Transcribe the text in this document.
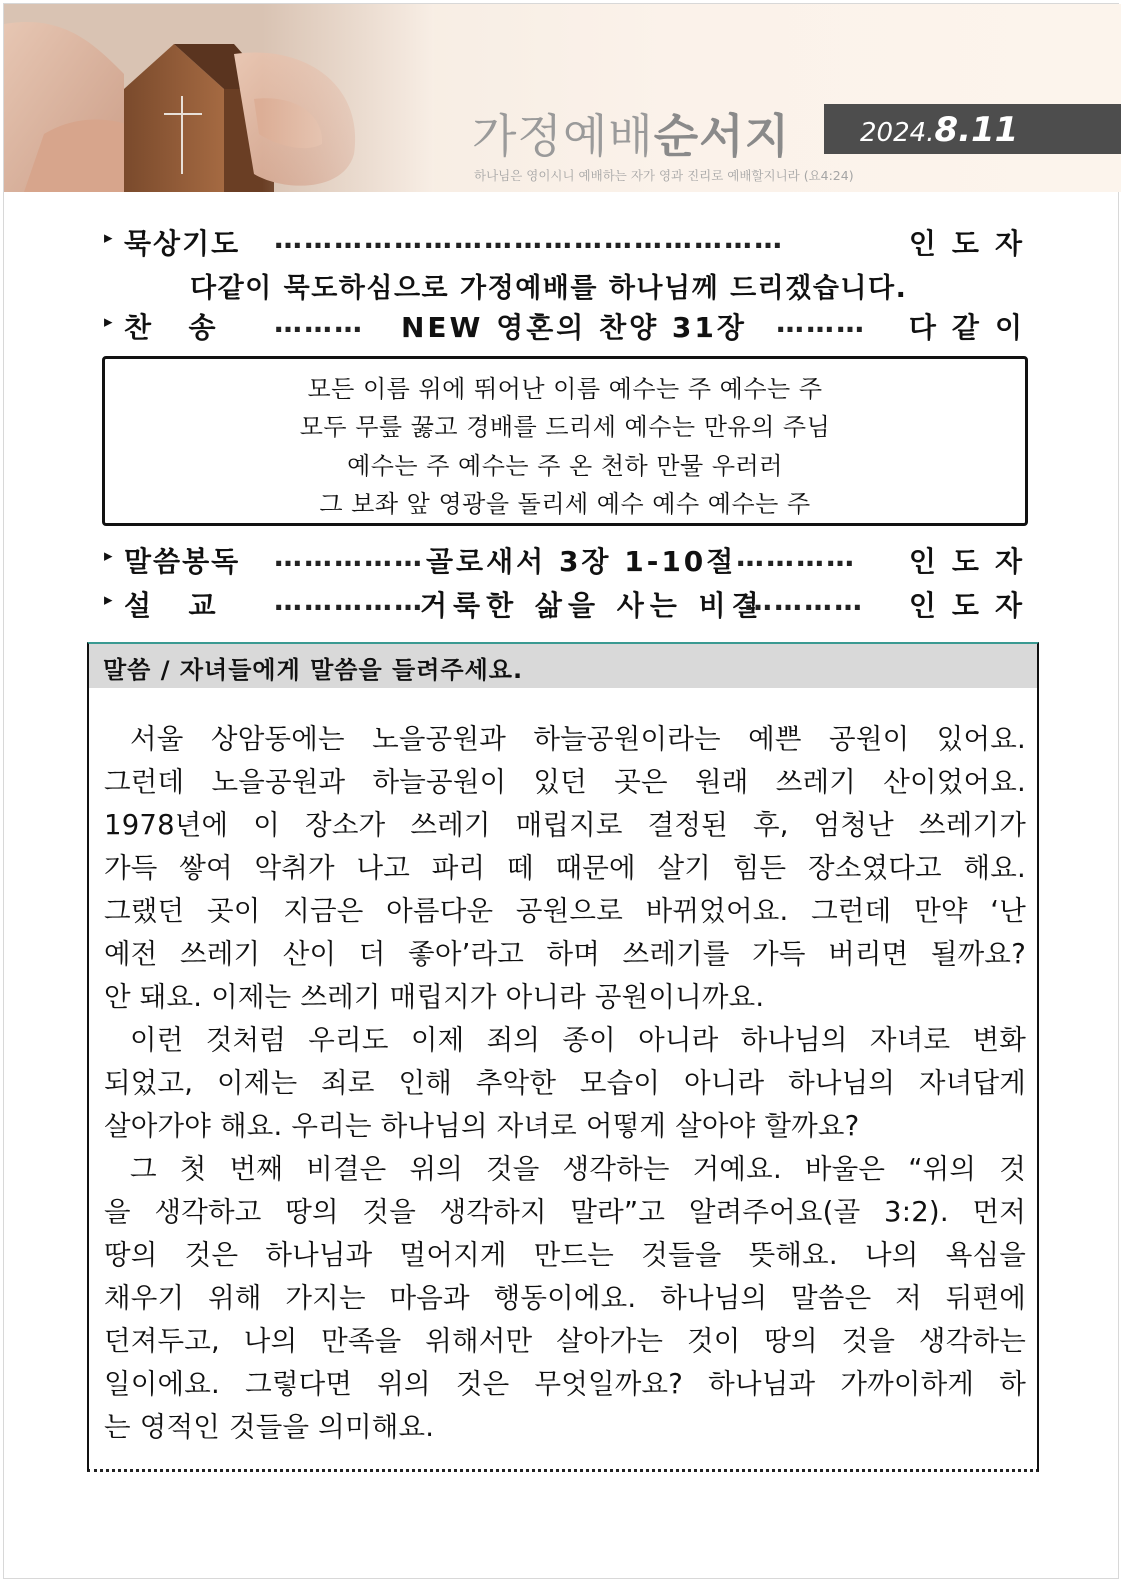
가정예배순서지	2024.8.11
하나님은 영이시니 예배하는 자가 영과 진리로 예배할지니라 (요4:24)
▸ 묵상기도 ……………………………………………	인도자
다같이 묵도하심으로 가정예배를 하나님께 드리겠습니다.
▸ 찬  송 ……… NEW 영혼의 찬양 31장 ……… 다같이
모든 이름 위에 뛰어난 이름 예수는 주 예수는 주
모두 무릎 꿇고 경배를 드리세 예수는 만유의 주님
예수는 주 예수는 주 온 천하 만물 우러러
그 보좌 앞 영광을 돌리세 예수 예수 예수는 주
▸ 말씀봉독 …………… 골로새서 3장 1-10절 ………… 인도자
▸ 설  교 ……………
거룩한 삶을 사는 비결
………… 인도자
말씀 / 자녀들에게 말씀을 들려주세요.
서울 상암동에는 노을공원과 하늘공원이라는 예쁜 공원이 있어요.
그런데 노을공원과 하늘공원이 있던 곳은 원래 쓰레기 산이었어요.
1978년에 이 장소가 쓰레기 매립지로 결정된 후, 엄청난 쓰레기가
가득 쌓여 악취가 나고 파리 떼 때문에 살기 힘든 장소였다고 해요.
그랬던 곳이 지금은 아름다운 공원으로 바뀌었어요. 그런데 만약 ‘난
예전 쓰레기 산이 더 좋아’라고 하며 쓰레기를 가득 버리면 될까요?
안 돼요. 이제는 쓰레기 매립지가 아니라 공원이니까요.
이런 것처럼 우리도 이제 죄의 종이 아니라 하나님의 자녀로 변화
되었고, 이제는 죄로 인해 추악한 모습이 아니라 하나님의 자녀답게
살아가야 해요. 우리는 하나님의 자녀로 어떻게 살아야 할까요?
그 첫 번째 비결은 위의 것을 생각하는 거예요. 바울은 “위의 것
을 생각하고 땅의 것을 생각하지 말라”고 알려주어요(골 3:2). 먼저
땅의 것은 하나님과 멀어지게 만드는 것들을 뜻해요. 나의 욕심을
채우기 위해 가지는 마음과 행동이에요. 하나님의 말씀은 저 뒤편에
던져두고, 나의 만족을 위해서만 살아가는 것이 땅의 것을 생각하는
일이에요. 그렇다면 위의 것은 무엇일까요? 하나님과 가까이하게 하
는 영적인 것들을 의미해요.
